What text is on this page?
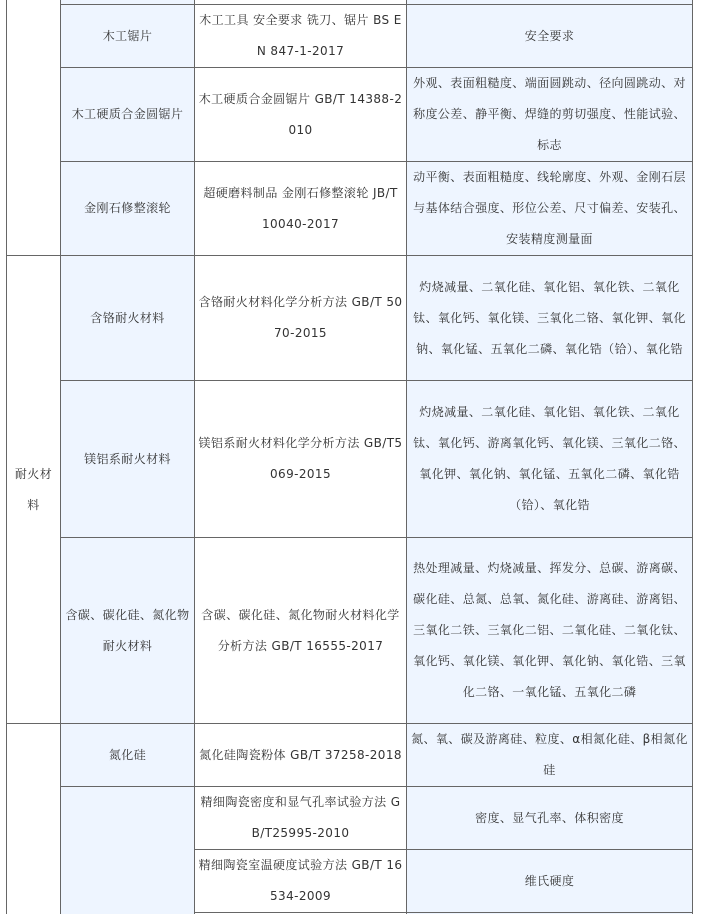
	木工锯片	木工工具 安全要求 铣刀、锯片 BS EN 847-1-2017	安全要求
	木工硬质合金圆锯片	木工硬质合金圆锯片 GB/T 14388-2010	外观、表面粗糙度、端面圆跳动、径向圆跳动、对称度公差、静平衡、焊缝的剪切强度、性能试验、标志
	金刚石修整滚轮	超硬磨料制品 金刚石修整滚轮 JB/T 10040-2017	动平衡、表面粗糙度、线轮廓度、外观、金刚石层与基体结合强度、形位公差、尺寸偏差、安装孔、安装精度测量面
耐火材料	含铬耐火材料	含铬耐火材料化学分析方法 GB/T 5070-2015	灼烧减量、二氧化硅、氧化铝、氧化铁、二氧化钛、氧化钙、氧化镁、三氧化二铬、氧化钾、氧化钠、氧化锰、五氧化二磷、氧化锆（铪）、氧化锆
	镁铝系耐火材料	镁铝系耐火材料化学分析方法 GB/T5069-2015	灼烧减量、二氧化硅、氧化铝、氧化铁、二氧化钛、氧化钙、游离氧化钙、氧化镁、三氧化二铬、氧化钾、氧化钠、氧化锰、五氧化二磷、氧化锆（铪）、氧化锆
	含碳、碳化硅、氮化物耐火材料	含碳、碳化硅、氮化物耐火材料化学分析方法 GB/T 16555-2017	热处理减量、灼烧减量、挥发分、总碳、游离碳、碳化硅、总氮、总氧、氮化硅、游离硅、游离铝、三氧化二铁、三氧化二铝、二氧化硅、二氧化钛、氧化钙、氧化镁、氧化钾、氧化钠、氧化锆、三氧化二铬、一氧化锰、五氧化二磷
	氮化硅	氮化硅陶瓷粉体 GB/T 37258-2018	氮、氧、碳及游离硅、粒度、α相氮化硅、β相氮化硅
		精细陶瓷密度和显气孔率试验方法 GB/T25995-2010	密度、显气孔率、体积密度
		精细陶瓷室温硬度试验方法 GB/T 16534-2009	维氏硬度
